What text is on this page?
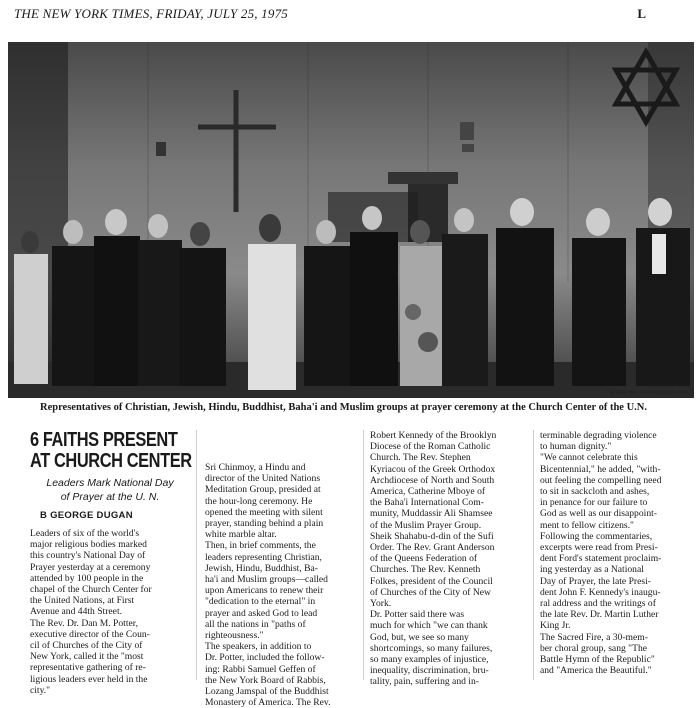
THE NEW YORK TIMES, FRIDAY, JULY 25, 1975	L
The New York Times/Robert M. Klein
Representatives of Christian, Jewish, Hindu, Buddhist, Baha'i and Muslim groups at prayer ceremony at the Church Center of the U.N.
6 FAITHS PRESENT
AT CHURCH CENTER
Leaders Mark National Day
of Prayer at the U. N.
B GEORGE DUGAN
Leaders of six of the world's
major religious bodies marked
this country's National Day of
Prayer yesterday at a ceremony
attended by 100 people in the
chapel of the Church Center for
the United Nations, at First
Avenue and 44th Street.
The Rev. Dr. Dan M. Potter,
executive director of the Coun-
cil of Churches of the City of
New York, called it the "most
representative gathering of re-
ligious leaders ever held in the
city."
Sri Chinmoy, a Hindu and
director of the United Nations
Meditation Group, presided at
the hour-long ceremony. He
opened the meeting with silent
prayer, standing behind a plain
white marble altar.
Then, in brief comments, the
leaders representing Christian,
Jewish, Hindu, Buddhist, Ba-
ha'i and Muslim groups—called
upon Americans to renew their
"dedication to the eternal" in
prayer and asked God to lead
all the nations in "paths of
righteousness."
The speakers, in addition to
Dr. Potter, included the follow-
ing: Rabbi Samuel Geffen of
the New York Board of Rabbis,
Lozang Jamspal of the Buddhist
Monastery of America. The Rev.
Robert Kennedy of the Brooklyn
Diocese of the Roman Catholic
Church. The Rev. Stephen
Kyriacou of the Greek Orthodox
Archdiocese of North and South
America, Catherine Mboye of
the Baha'i International Com-
munity, Muddassir Ali Shamsee
of the Muslim Prayer Group.
Sheik Shahabu-d-din of the Sufi
Order. The Rev. Grant Anderson
of the Queens Federation of
Churches. The Rev. Kenneth
Folkes, president of the Council
of Churches of the City of New
York.
Dr. Potter said there was
much for which "we can thank
God, but, we see so many
shortcomings, so many failures,
so many examples of injustice,
inequality, discrimination, bru-
tality, pain, suffering and in-
terminable degrading violence
to human dignity."
"We cannot celebrate this
Bicentennial," he added, "with-
out feeling the compelling need
to sit in sackcloth and ashes,
in penance for our failure to
God as well as our disappoint-
ment to fellow citizens."
Following the commentaries,
excerpts were read from Presi-
dent Ford's statement proclaim-
ing yesterday as a National
Day of Prayer, the late Presi-
dent John F. Kennedy's inaugu-
ral address and the writings of
the late Rev. Dr. Martin Luther
King Jr.
The Sacred Fire, a 30-mem-
ber choral group, sang "The
Battle Hymn of the Republic"
and "America the Beautiful."
